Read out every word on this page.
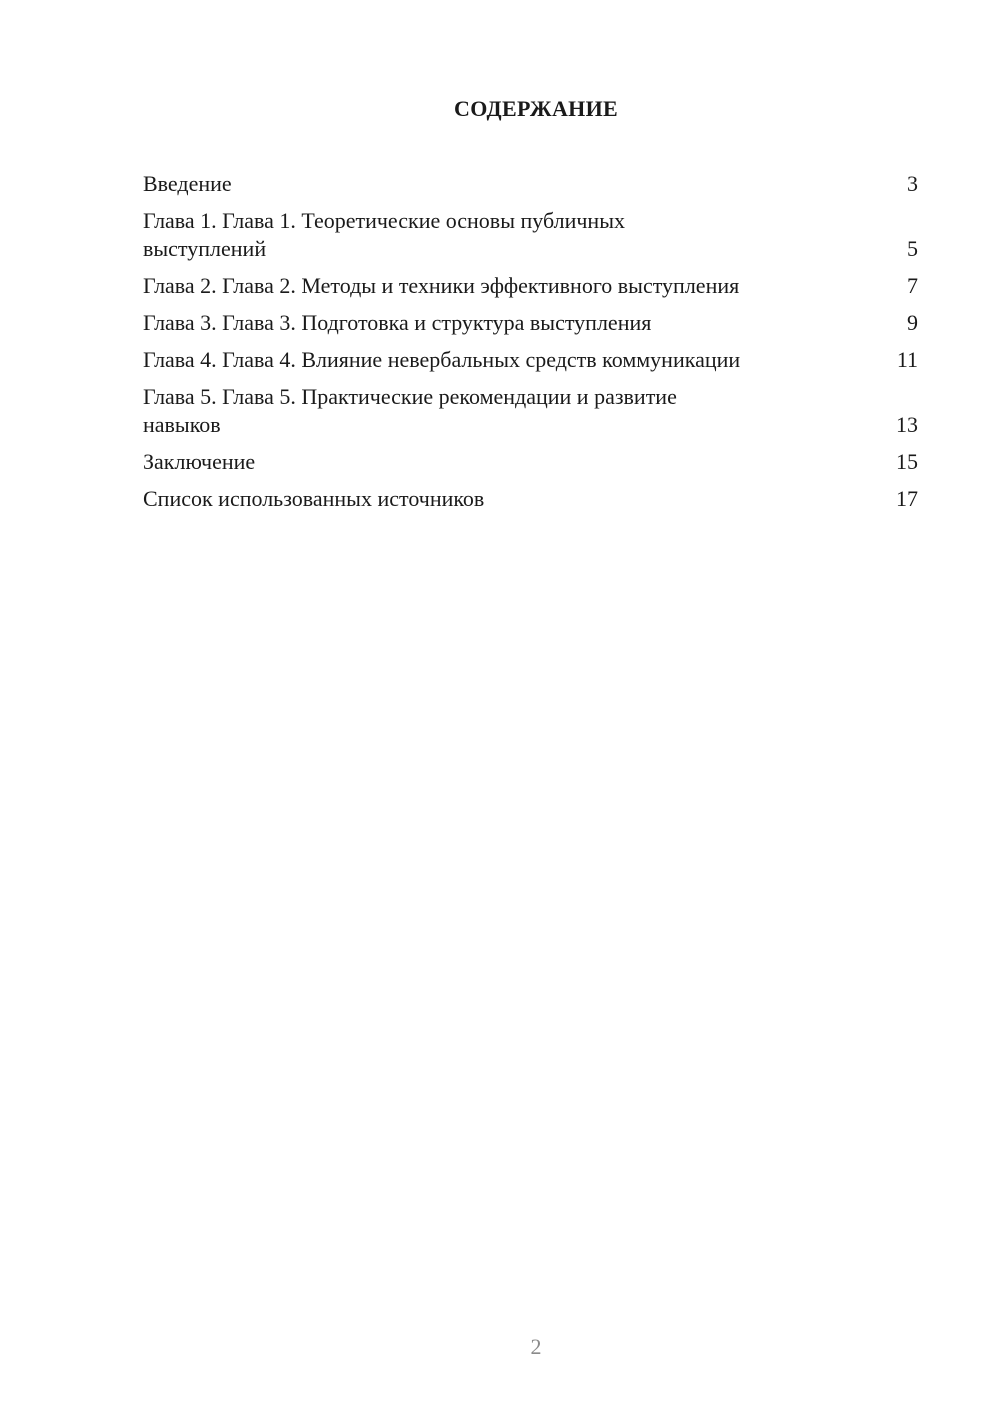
СОДЕРЖАНИЕ
Введение	3
Глава 1. Глава 1. Теоретические основы публичных выступлений	5
Глава 2. Глава 2. Методы и техники эффективного выступления	7
Глава 3. Глава 3. Подготовка и структура выступления	9
Глава 4. Глава 4. Влияние невербальных средств коммуникации	11
Глава 5. Глава 5. Практические рекомендации и развитие навыков	13
Заключение	15
Список использованных источников	17
2
